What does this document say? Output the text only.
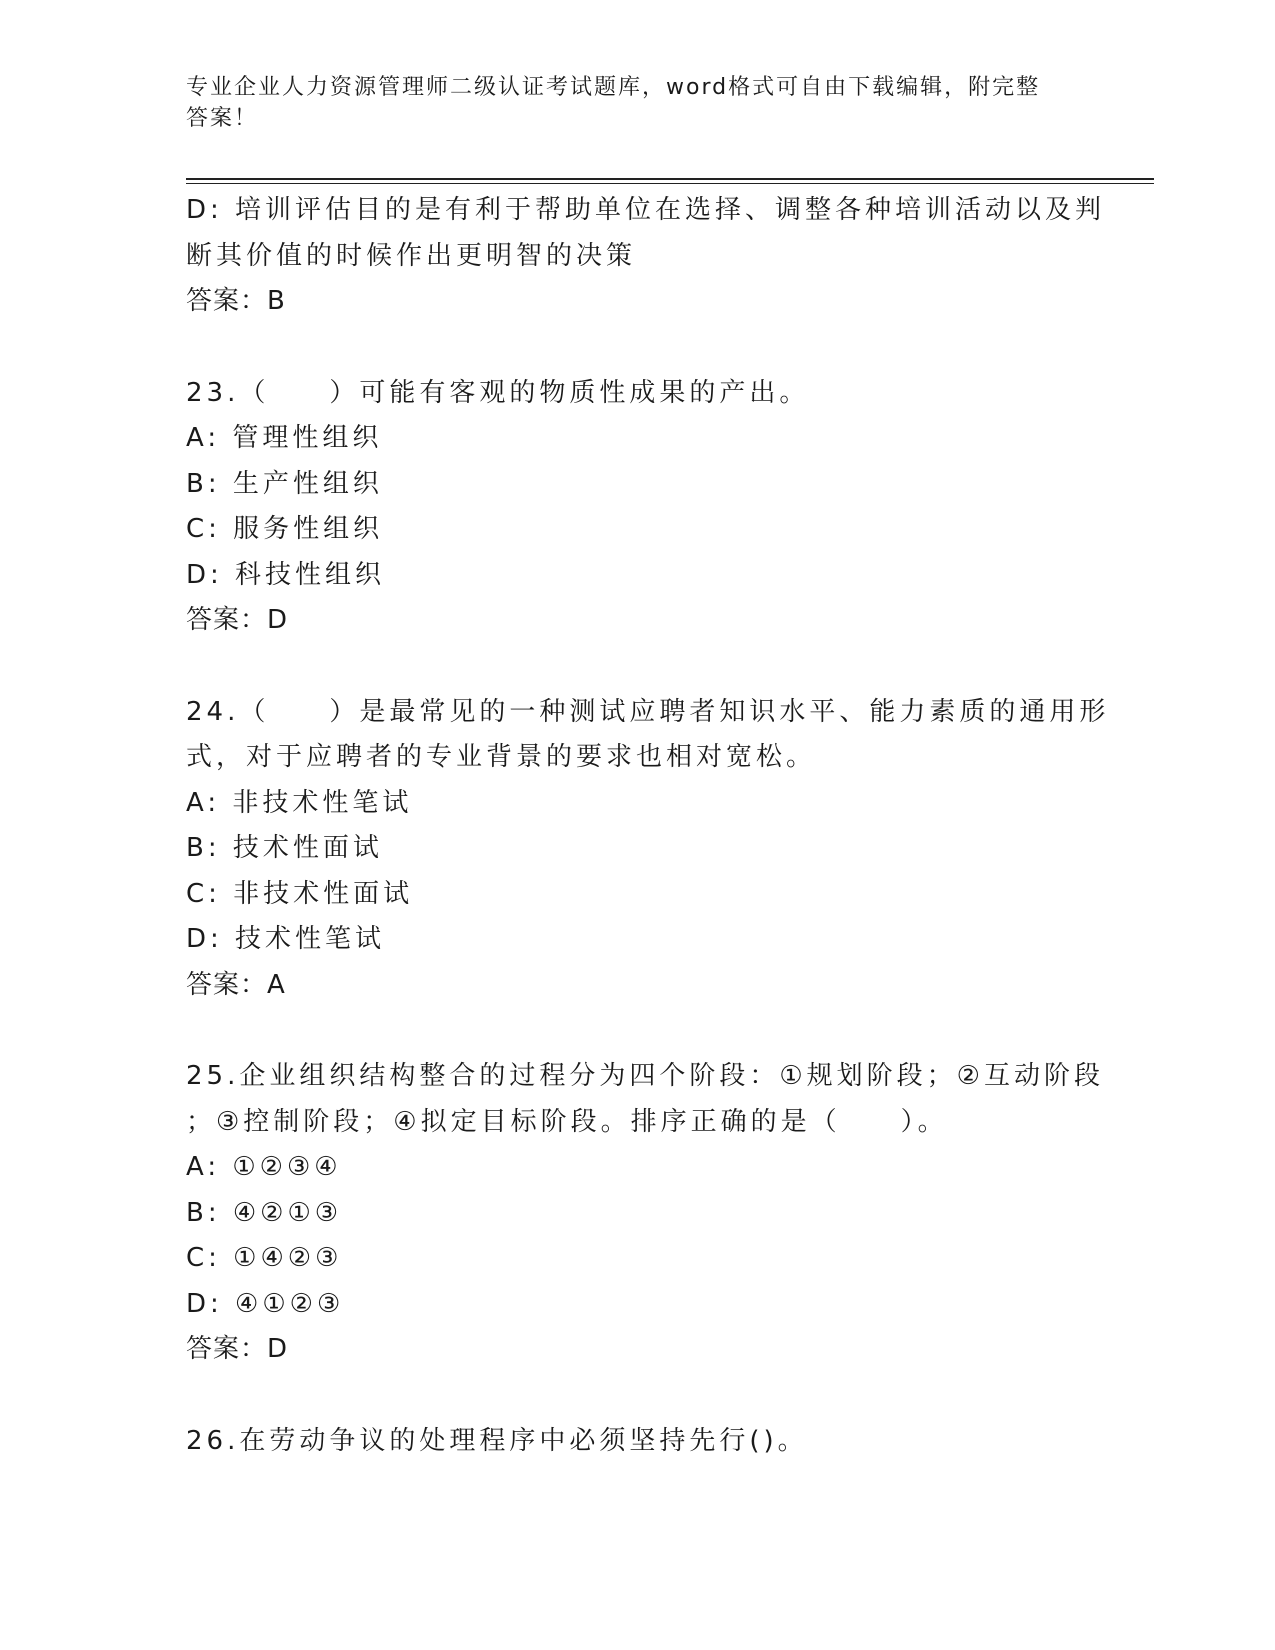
专业企业人力资源管理师二级认证考试题库，word格式可自由下载编辑，附完整
答案！
D: 培训评估目的是有利于帮助单位在选择、调整各种培训活动以及判
断其价值的时候作出更明智的决策
答案：B
23.（　　）可能有客观的物质性成果的产出。
A: 管理性组织
B: 生产性组织
C: 服务性组织
D: 科技性组织
答案：D
24.（　　）是最常见的一种测试应聘者知识水平、能力素质的通用形
式，对于应聘者的专业背景的要求也相对宽松。
A: 非技术性笔试
B: 技术性面试
C: 非技术性面试
D: 技术性笔试
答案：A
25.企业组织结构整合的过程分为四个阶段：①规划阶段；②互动阶段
；③控制阶段；④拟定目标阶段。排序正确的是（　　）。
A: ①②③④
B: ④②①③
C: ①④②③
D: ④①②③
答案：D
26.在劳动争议的处理程序中必须坚持先行()。
